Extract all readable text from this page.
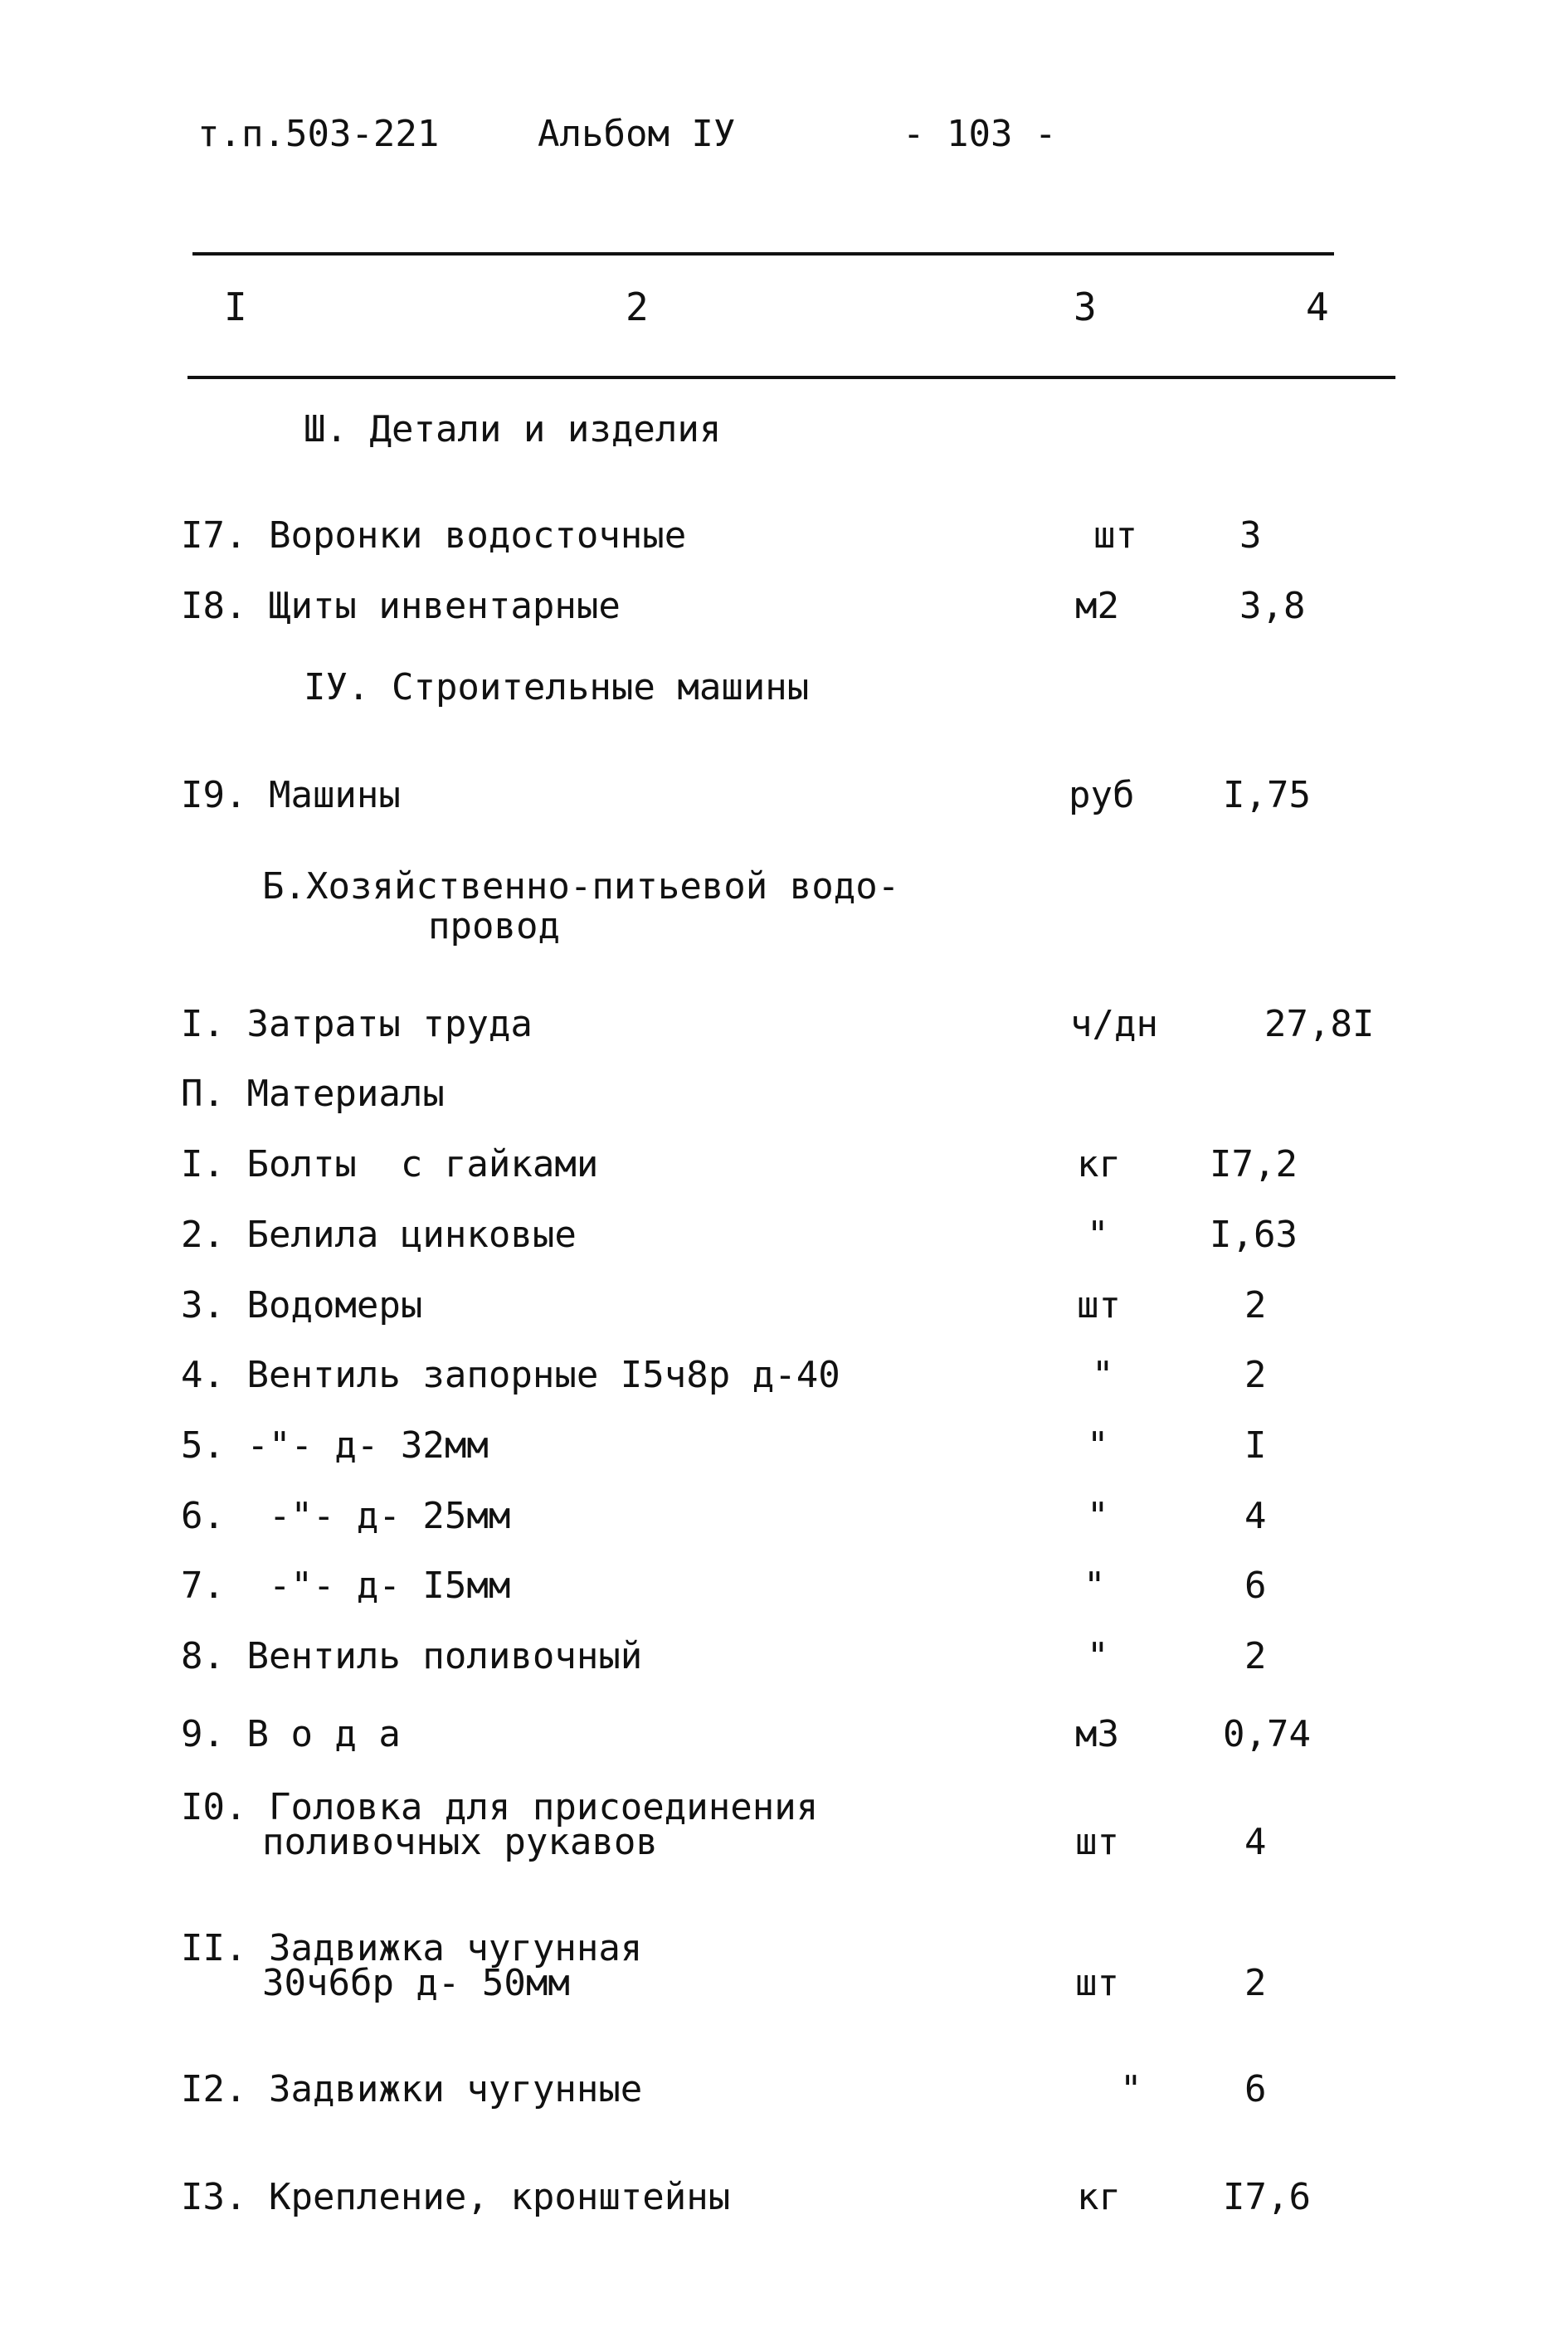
т.п.503-221	Альбом IУ	- 103 -
I	2	3	4
Ш. Детали и изделия
I7. Воронки водосточные	шт	3
I8. Щиты инвентарные	м2	3,8
IУ. Строительные машины
I9. Машины	руб I,75
Б.Хозяйственно-питьевой водо-
провод
I. Затраты труда	ч/дн	27,8I
П. Материалы
I. Болты  с гайками	кг I7,2
2. Белила цинковые	"	I,63
3. Водомеры	шт	2
4. Вентиль запорные I5ч8р д-40	"	2
5. -"- д- 32мм	"	I
6.  -"- д- 25мм	"	4
7.  -"- д- I5мм	"	6
8. Вентиль поливочный	"	2
9. В о д а	м3	0,74
I0. Головка для присоединения
поливочных рукавов	шт	4
II. Задвижка чугунная
30ч6бр д- 50мм	шт	2
I2. Задвижки чугунные	"	6
I3. Крепление, кронштейны	кг	I7,6
